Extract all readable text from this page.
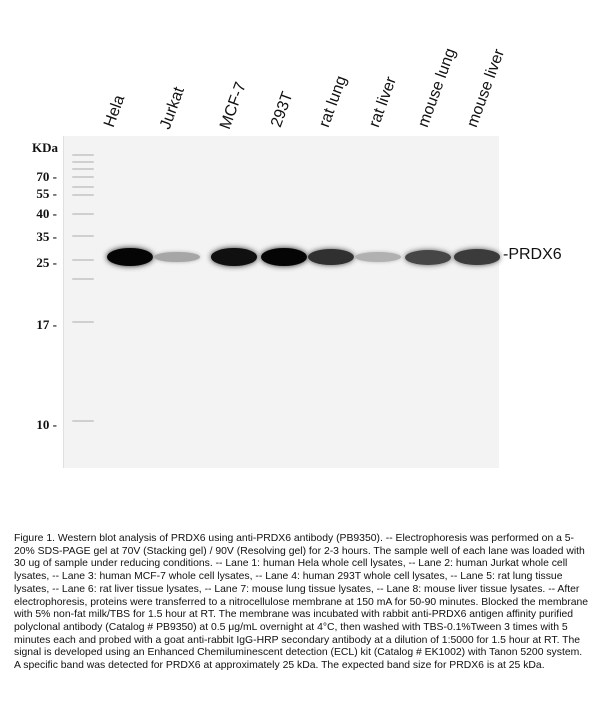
Hela Jurkat MCF-7 293T rat lung rat liver mouse lung mouse liver
KDa
70 -
55 -
40 -
35 -
25 -
17 -
10 -
-PRDX6
Figure 1. Western blot analysis of PRDX6 using anti-PRDX6 antibody (PB9350). -- Electrophoresis was performed on a 5-20% SDS-PAGE gel at 70V (Stacking gel) / 90V (Resolving gel) for 2-3 hours. The sample well of each lane was loaded with 30 ug of sample under reducing conditions. -- Lane 1: human Hela whole cell lysates, -- Lane 2: human Jurkat whole cell lysates, -- Lane 3: human MCF-7 whole cell lysates, -- Lane 4: human 293T whole cell lysates, -- Lane 5: rat lung tissue lysates, -- Lane 6: rat liver tissue lysates, -- Lane 7: mouse lung tissue lysates, -- Lane 8: mouse liver tissue lysates. -- After electrophoresis, proteins were transferred to a nitrocellulose membrane at 150 mA for 50-90 minutes. Blocked the membrane with 5% non-fat milk/TBS for 1.5 hour at RT. The membrane was incubated with rabbit anti-PRDX6 antigen affinity purified polyclonal antibody (Catalog # PB9350) at 0.5 μg/mL overnight at 4°C, then washed with TBS-0.1%Tween 3 times with 5 minutes each and probed with a goat anti-rabbit IgG-HRP secondary antibody at a dilution of 1:5000 for 1.5 hour at RT. The signal is developed using an Enhanced Chemiluminescent detection (ECL) kit (Catalog # EK1002) with Tanon 5200 system. A specific band was detected for PRDX6 at approximately 25 kDa. The expected band size for PRDX6 is at 25 kDa.
